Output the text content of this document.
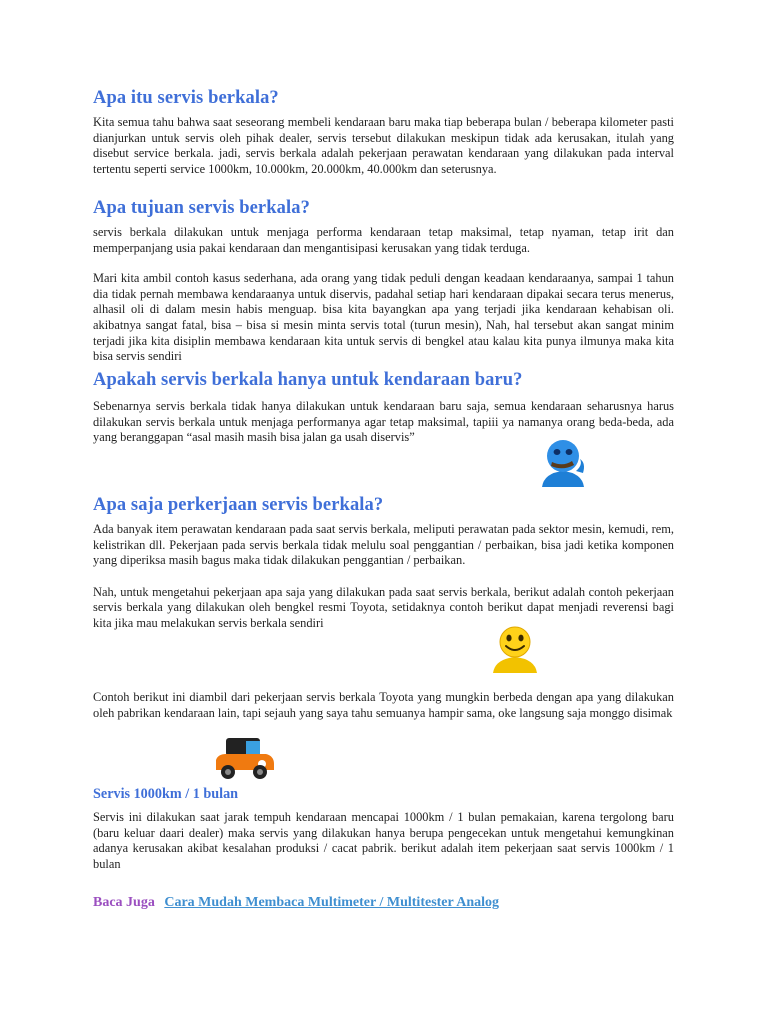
Apa itu servis berkala?

Kita semua tahu bahwa saat seseorang membeli kendaraan baru maka tiap beberapa bulan / beberapa kilometer pasti dianjurkan untuk servis oleh pihak dealer, servis tersebut dilakukan meskipun tidak ada kerusakan, itulah yang disebut service berkala. jadi, servis berkala adalah pekerjaan perawatan kendaraan yang dilakukan pada interval tertentu seperti service 1000km, 10.000km, 20.000km, 40.000km dan seterusnya.

Apa tujuan servis berkala?

servis berkala dilakukan untuk menjaga performa kendaraan tetap maksimal, tetap nyaman, tetap irit dan memperpanjang usia pakai kendaraan dan mengantisipasi kerusakan yang tidak terduga.

Mari kita ambil contoh kasus sederhana, ada orang yang tidak peduli dengan keadaan kendaraanya, sampai 1 tahun dia tidak pernah membawa kendaraanya untuk diservis, padahal setiap hari kendaraan dipakai secara terus menerus, alhasil oli di dalam mesin habis menguap. bisa kita bayangkan apa yang terjadi jika kendaraan kehabisan oli. akibatnya sangat fatal, bisa – bisa si mesin minta servis total (turun mesin), Nah, hal tersebut akan sangat minim terjadi jika kita disiplin membawa kendaraan kita untuk servis di bengkel atau kalau kita punya ilmunya maka kita bisa servis sendiri

Apakah servis berkala hanya untuk kendaraan baru?

Sebenarnya servis berkala tidak hanya dilakukan untuk kendaraan baru saja, semua kendaraan seharusnya harus dilakukan servis berkala untuk menjaga performanya agar tetap maksimal, tapiii ya namanya orang beda-beda, ada yang beranggapan “asal masih masih bisa jalan ga usah diservis”

Apa saja perkerjaan servis berkala?

Ada banyak item perawatan kendaraan pada saat servis berkala, meliputi perawatan pada sektor mesin, kemudi, rem, kelistrikan dll. Pekerjaan pada servis berkala tidak melulu soal penggantian / perbaikan, bisa jadi ketika komponen yang diperiksa masih bagus maka tidak dilakukan penggantian / perbaikan.

Nah, untuk mengetahui pekerjaan apa saja yang dilakukan pada saat servis berkala, berikut adalah contoh pekerjaan servis berkala yang dilakukan oleh bengkel resmi Toyota, setidaknya contoh berikut dapat menjadi reverensi bagi kita jika mau melakukan servis berkala sendiri

Contoh berikut ini diambil dari pekerjaan servis berkala Toyota yang mungkin berbeda dengan apa yang dilakukan oleh pabrikan kendaraan lain, tapi sejauh yang saya tahu semuanya hampir sama, oke langsung saja monggo disimak

Servis 1000km / 1 bulan

Servis ini dilakukan saat jarak tempuh kendaraan mencapai 1000km / 1 bulan pemakaian, karena tergolong baru (baru keluar daari dealer) maka servis yang dilakukan hanya berupa pengecekan untuk mengetahui kemungkinan adanya kerusakan akibat kesalahan produksi / cacat pabrik. berikut adalah item pekerjaan saat servis 1000km / 1 bulan

Baca Juga Cara Mudah Membaca Multimeter / Multitester Analog
